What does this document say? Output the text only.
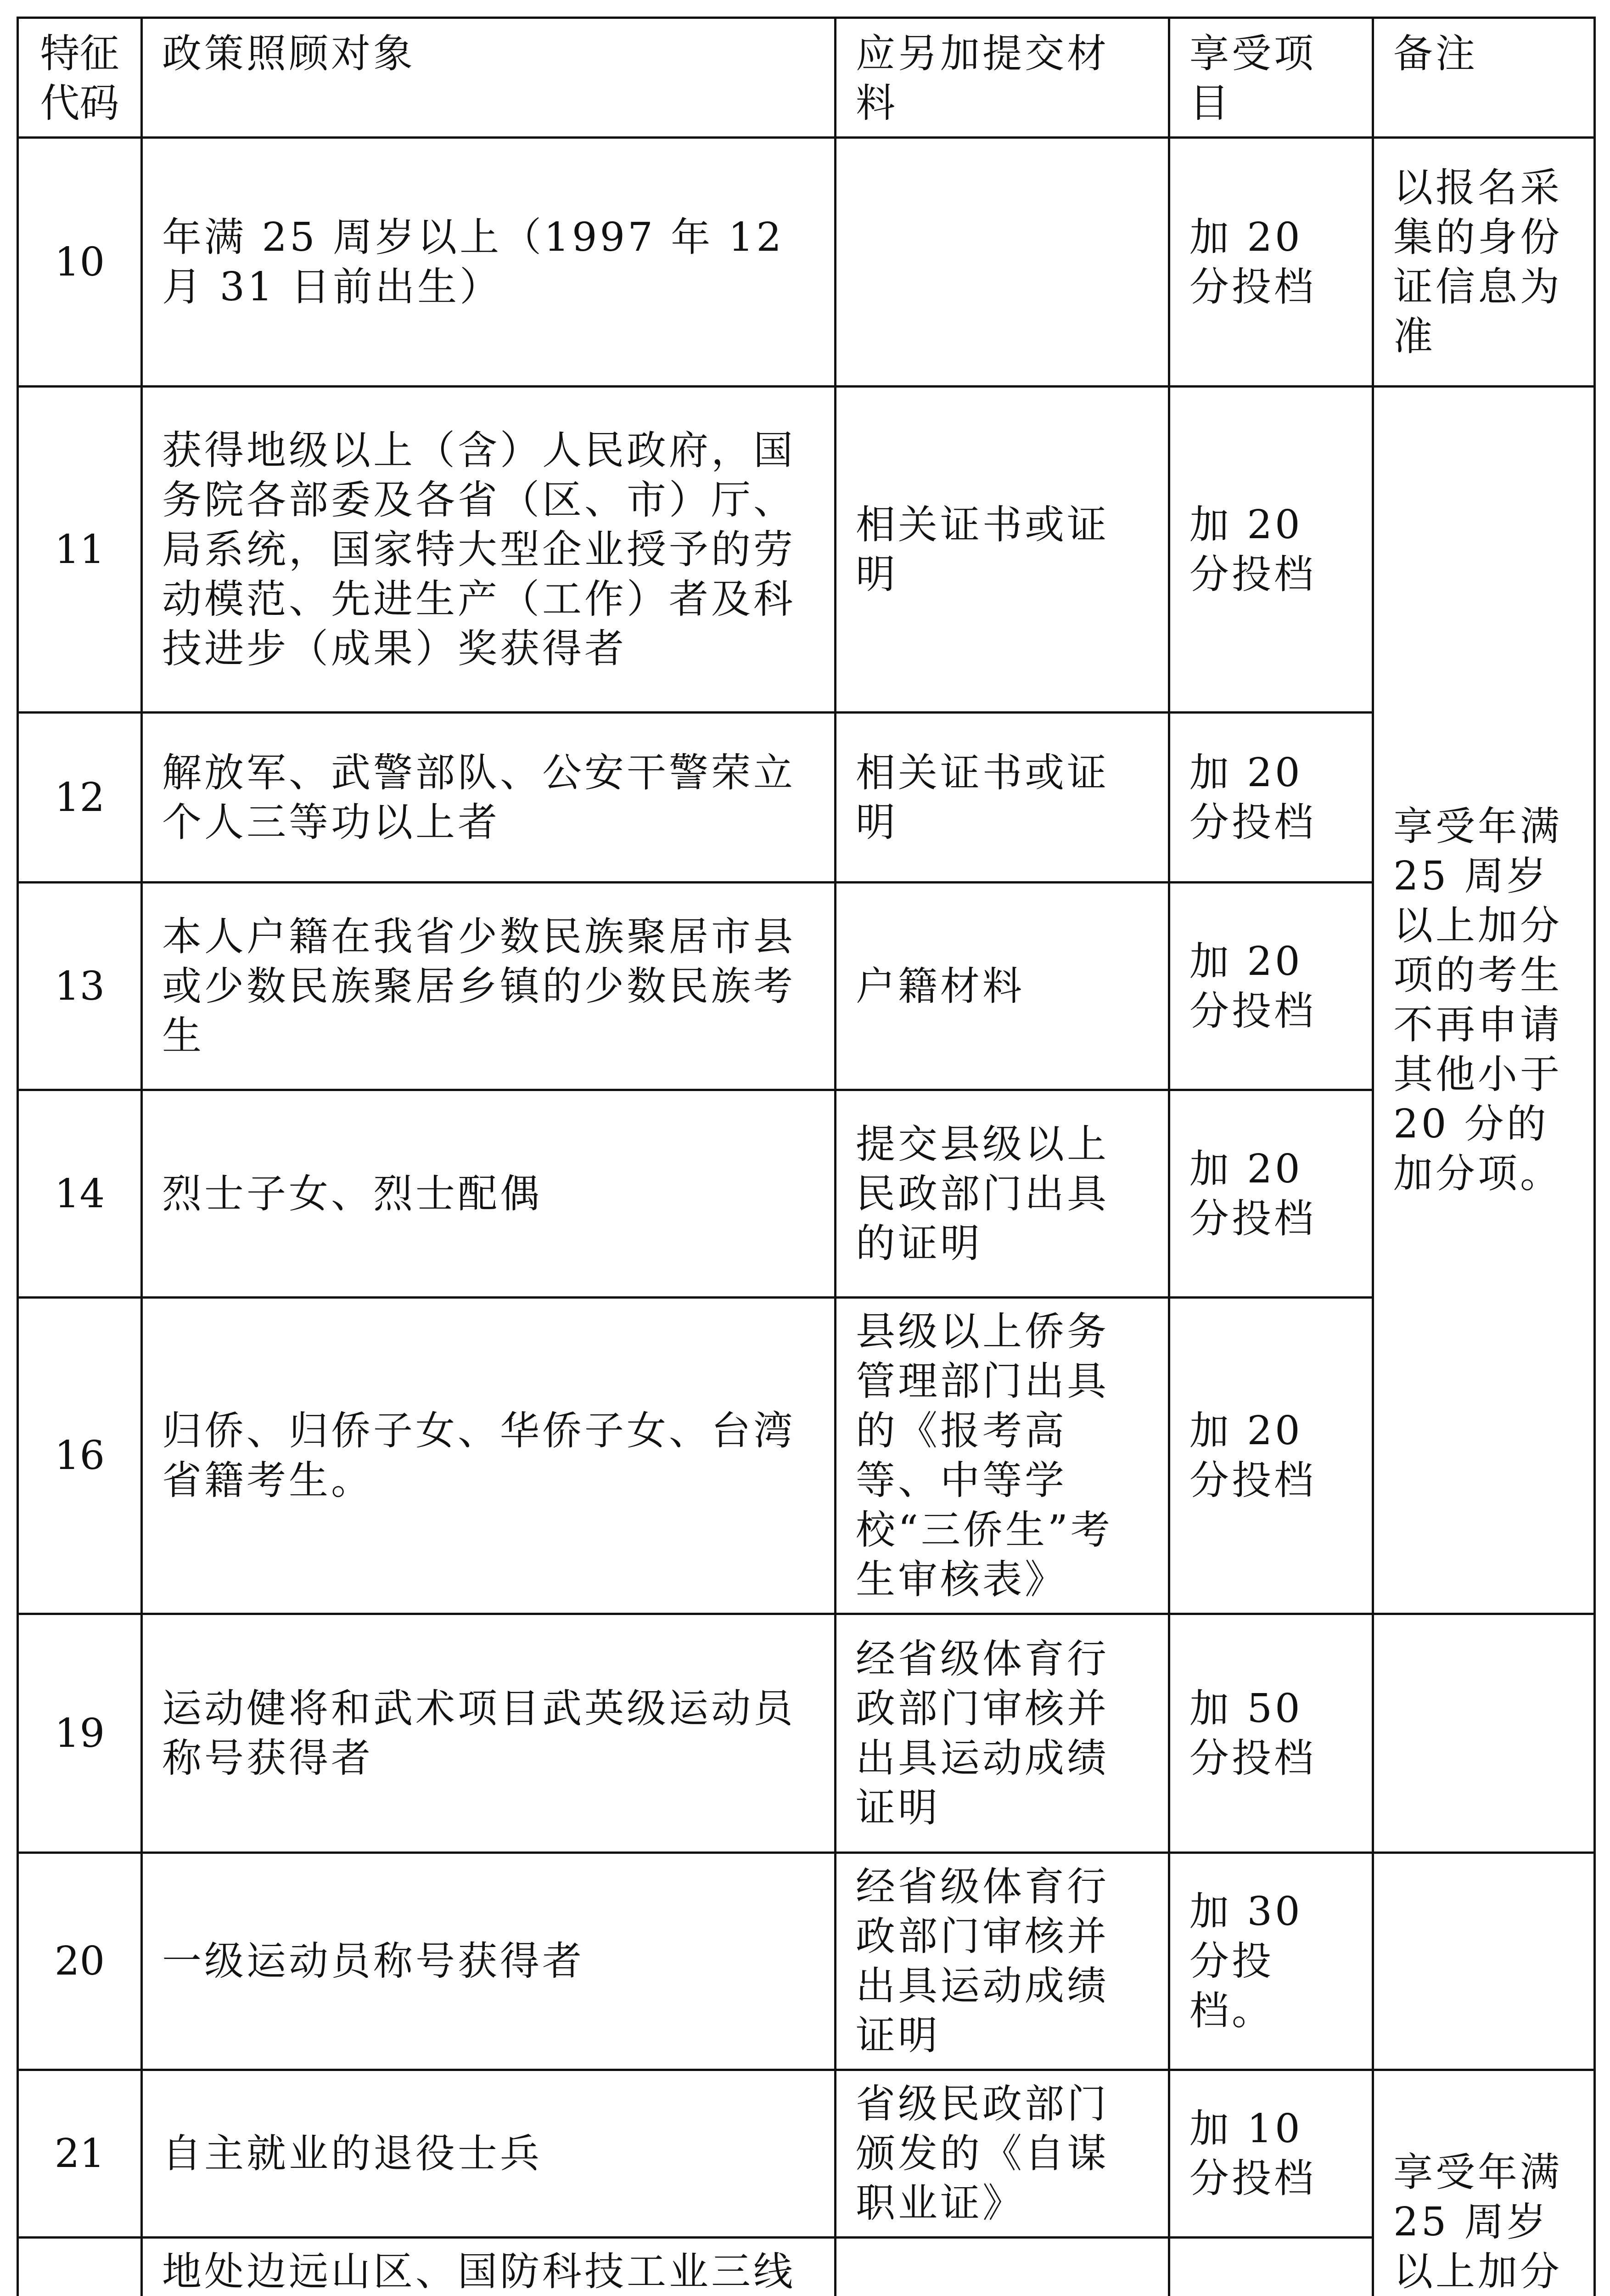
特征代码	政策照顾对象	应另加提交材料	享受项目	备注
10	年满 25 周岁以上（1997 年 12 月 31 日前出生）		加 20 分投档	以报名采集的身份证信息为准
11	获得地级以上（含）人民政府，国务院各部委及各省（区、市）厅、局系统，国家特大型企业授予的劳动模范、先进生产（工作）者及科技进步（成果）奖获得者	相关证书或证明	加 20 分投档	享受年满 25 周岁以上加分项的考生不再申请其他小于 20 分的加分项。
12	解放军、武警部队、公安干警荣立个人三等功以上者	相关证书或证明	加 20 分投档	
13	本人户籍在我省少数民族聚居市县或少数民族聚居乡镇的少数民族考生	户籍材料	加 20 分投档	
14	烈士子女、烈士配偶	提交县级以上民政部门出具的证明	加 20 分投档	
16	归侨、归侨子女、华侨子女、台湾省籍考生。	县级以上侨务管理部门出具的《报考高等、中等学校“三侨生”考生审核表》	加 20 分投档	
19	运动健将和武术项目武英级运动员称号获得者	经省级体育行政部门审核并出具运动成绩证明	加 50 分投档	
20	一级运动员称号获得者	经省级体育行政部门审核并出具运动成绩证明	加 30 分投档。	
21	自主就业的退役士兵	省级民政部门颁发的《自谋职业证》	加 10 分投档	享受年满 25 周岁以上加分
	地处边远山区、国防科技工业三线		
